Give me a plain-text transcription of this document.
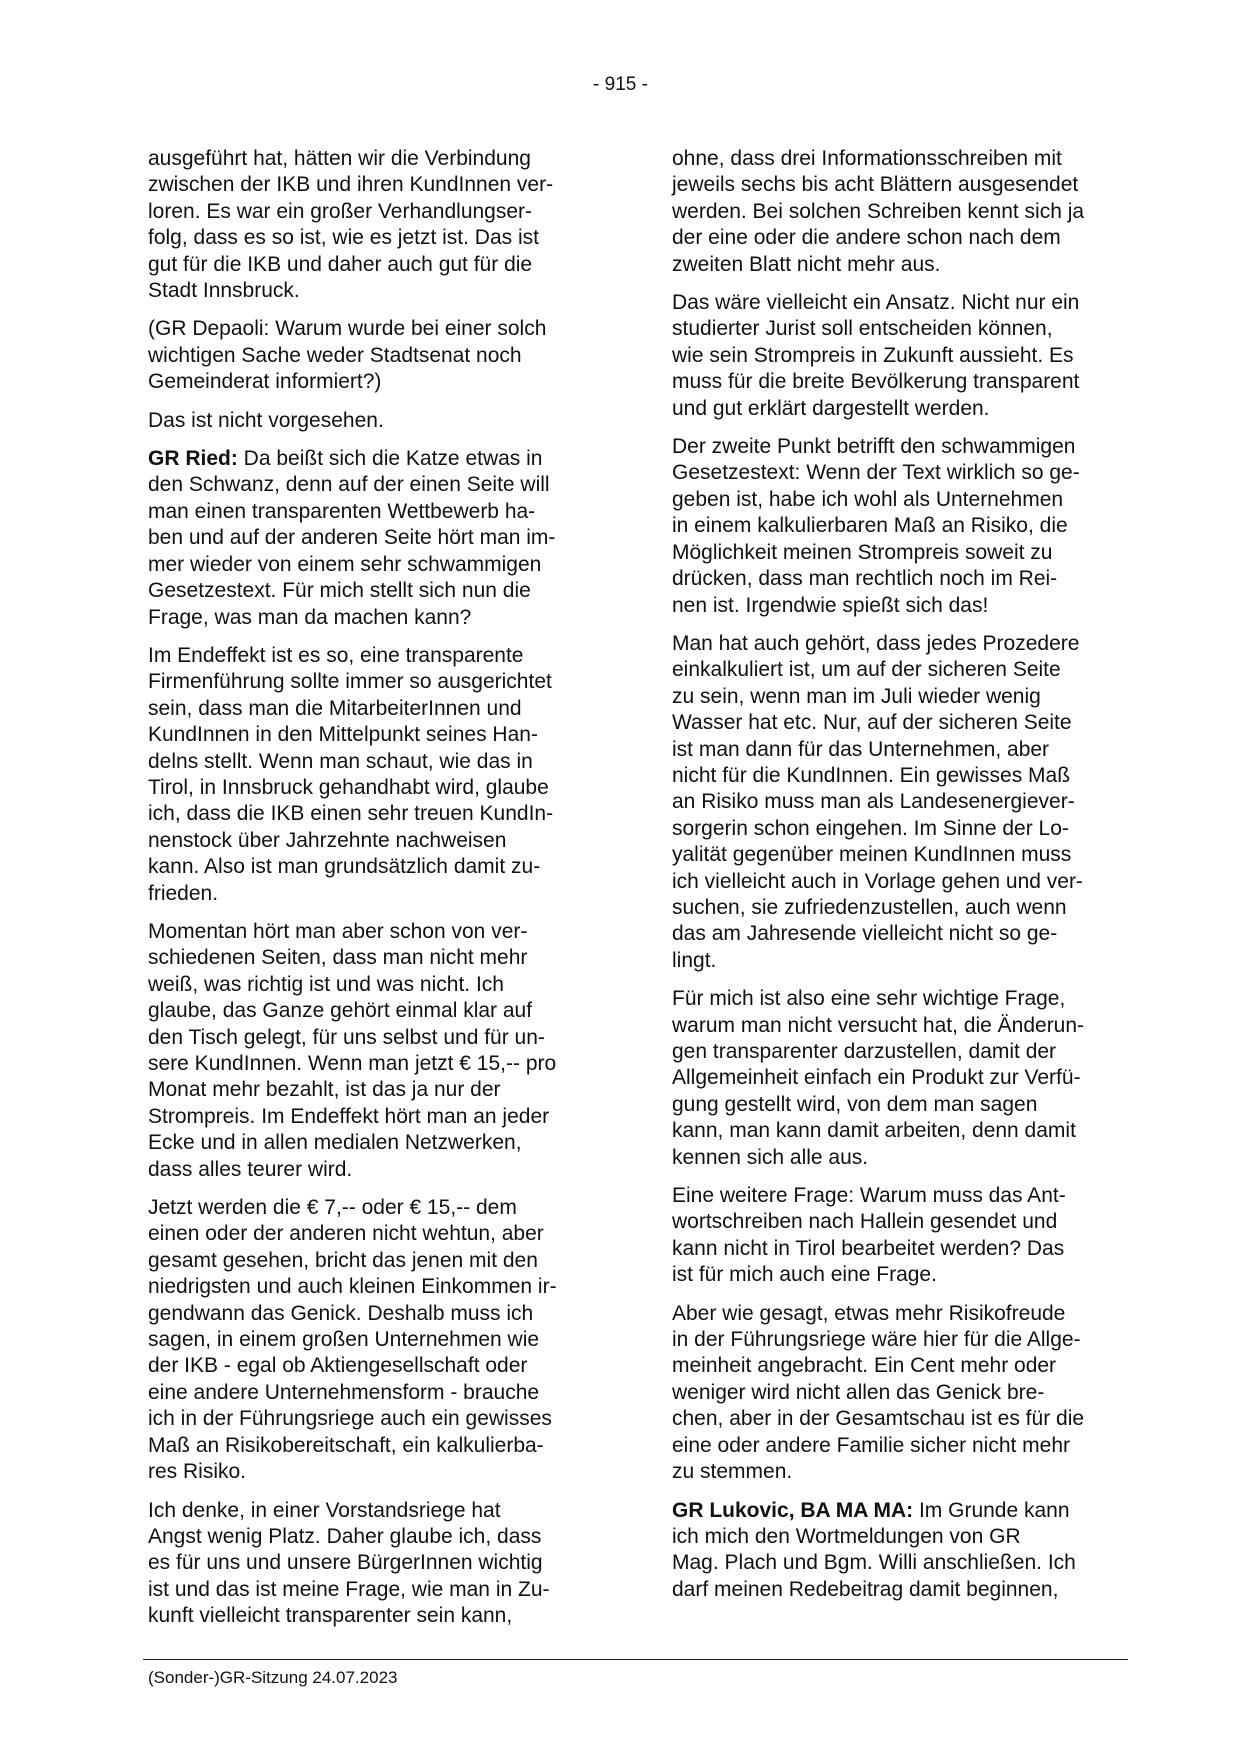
- 915 -

ausgeführt hat, hätten wir die Verbindung
zwischen der IKB und ihren KundInnen ver-
loren. Es war ein großer Verhandlungser-
folg, dass es so ist, wie es jetzt ist. Das ist
gut für die IKB und daher auch gut für die
Stadt Innsbruck.

(GR Depaoli: Warum wurde bei einer solch
wichtigen Sache weder Stadtsenat noch
Gemeinderat informiert?)

Das ist nicht vorgesehen.

GR Ried: Da beißt sich die Katze etwas in
den Schwanz, denn auf der einen Seite will
man einen transparenten Wettbewerb ha-
ben und auf der anderen Seite hört man im-
mer wieder von einem sehr schwammigen
Gesetzestext. Für mich stellt sich nun die
Frage, was man da machen kann?

Im Endeffekt ist es so, eine transparente
Firmenführung sollte immer so ausgerichtet
sein, dass man die MitarbeiterInnen und
KundInnen in den Mittelpunkt seines Han-
delns stellt. Wenn man schaut, wie das in
Tirol, in Innsbruck gehandhabt wird, glaube
ich, dass die IKB einen sehr treuen KundIn-
nenstock über Jahrzehnte nachweisen
kann. Also ist man grundsätzlich damit zu-
frieden.

Momentan hört man aber schon von ver-
schiedenen Seiten, dass man nicht mehr
weiß, was richtig ist und was nicht. Ich
glaube, das Ganze gehört einmal klar auf
den Tisch gelegt, für uns selbst und für un-
sere KundInnen. Wenn man jetzt € 15,-- pro
Monat mehr bezahlt, ist das ja nur der
Strompreis. Im Endeffekt hört man an jeder
Ecke und in allen medialen Netzwerken,
dass alles teurer wird.

Jetzt werden die € 7,-- oder € 15,-- dem
einen oder der anderen nicht wehtun, aber
gesamt gesehen, bricht das jenen mit den
niedrigsten und auch kleinen Einkommen ir-
gendwann das Genick. Deshalb muss ich
sagen, in einem großen Unternehmen wie
der IKB - egal ob Aktiengesellschaft oder
eine andere Unternehmensform - brauche
ich in der Führungsriege auch ein gewisses
Maß an Risikobereitschaft, ein kalkulierba-
res Risiko.

Ich denke, in einer Vorstandsriege hat
Angst wenig Platz. Daher glaube ich, dass
es für uns und unsere BürgerInnen wichtig
ist und das ist meine Frage, wie man in Zu-
kunft vielleicht transparenter sein kann,

ohne, dass drei Informationsschreiben mit
jeweils sechs bis acht Blättern ausgesendet
werden. Bei solchen Schreiben kennt sich ja
der eine oder die andere schon nach dem
zweiten Blatt nicht mehr aus.

Das wäre vielleicht ein Ansatz. Nicht nur ein
studierter Jurist soll entscheiden können,
wie sein Strompreis in Zukunft aussieht. Es
muss für die breite Bevölkerung transparent
und gut erklärt dargestellt werden.

Der zweite Punkt betrifft den schwammigen
Gesetzestext: Wenn der Text wirklich so ge-
geben ist, habe ich wohl als Unternehmen
in einem kalkulierbaren Maß an Risiko, die
Möglichkeit meinen Strompreis soweit zu
drücken, dass man rechtlich noch im Rei-
nen ist. Irgendwie spießt sich das!

Man hat auch gehört, dass jedes Prozedere
einkalkuliert ist, um auf der sicheren Seite
zu sein, wenn man im Juli wieder wenig
Wasser hat etc. Nur, auf der sicheren Seite
ist man dann für das Unternehmen, aber
nicht für die KundInnen. Ein gewisses Maß
an Risiko muss man als Landesenergiever-
sorgerin schon eingehen. Im Sinne der Lo-
yalität gegenüber meinen KundInnen muss
ich vielleicht auch in Vorlage gehen und ver-
suchen, sie zufriedenzustellen, auch wenn
das am Jahresende vielleicht nicht so ge-
lingt.

Für mich ist also eine sehr wichtige Frage,
warum man nicht versucht hat, die Änderun-
gen transparenter darzustellen, damit der
Allgemeinheit einfach ein Produkt zur Verfü-
gung gestellt wird, von dem man sagen
kann, man kann damit arbeiten, denn damit
kennen sich alle aus.

Eine weitere Frage: Warum muss das Ant-
wortschreiben nach Hallein gesendet und
kann nicht in Tirol bearbeitet werden? Das
ist für mich auch eine Frage.

Aber wie gesagt, etwas mehr Risikofreude
in der Führungsriege wäre hier für die Allge-
meinheit angebracht. Ein Cent mehr oder
weniger wird nicht allen das Genick bre-
chen, aber in der Gesamtschau ist es für die
eine oder andere Familie sicher nicht mehr
zu stemmen.

GR Lukovic, BA MA MA: Im Grunde kann
ich mich den Wortmeldungen von GR
Mag. Plach und Bgm. Willi anschließen. Ich
darf meinen Redebeitrag damit beginnen,

(Sonder-)GR-Sitzung 24.07.2023
